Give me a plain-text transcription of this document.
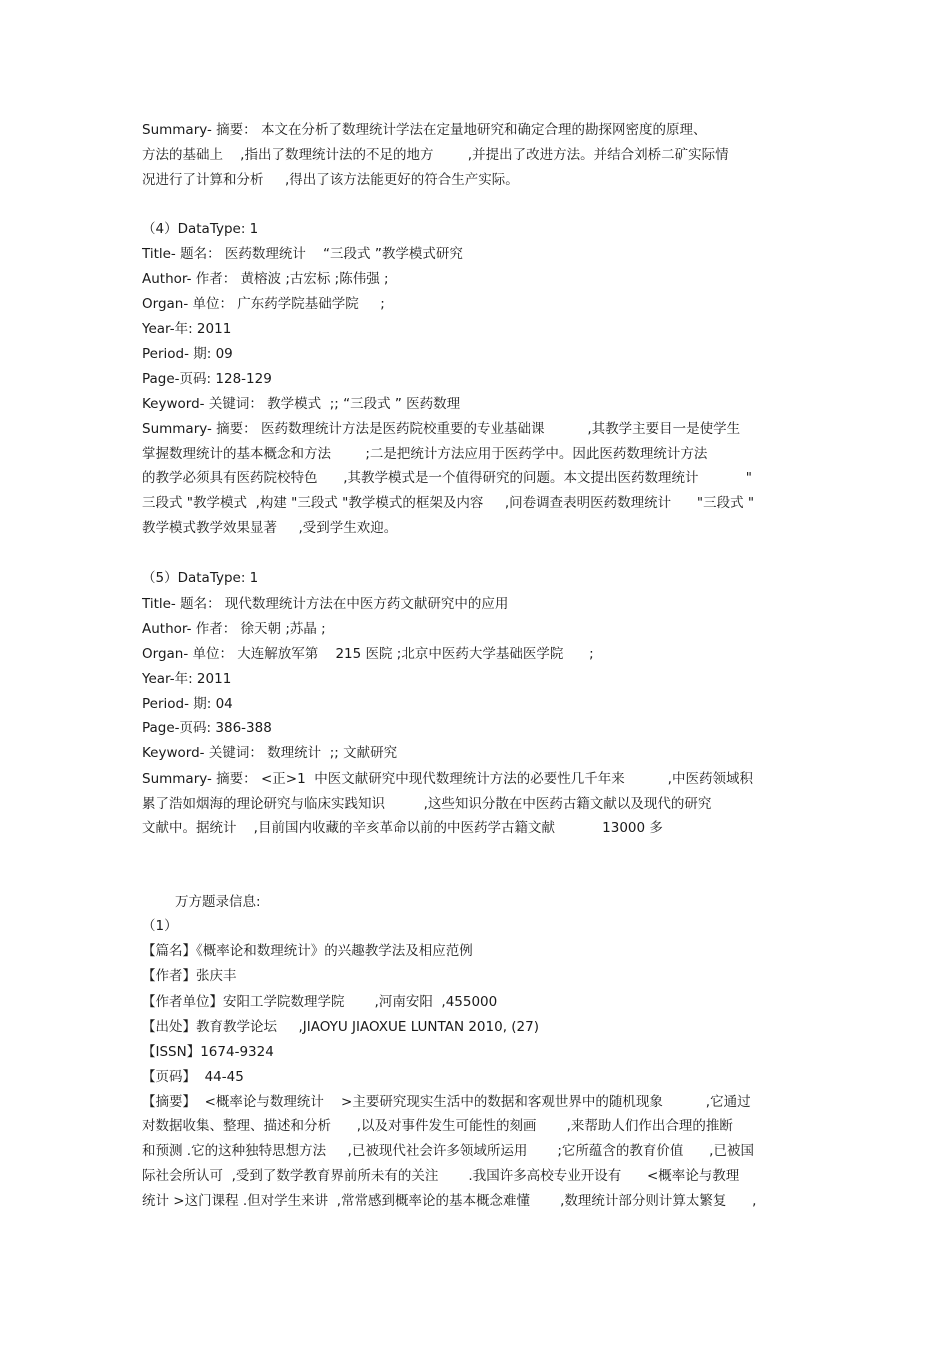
Summary- 摘要： 本文在分析了数理统计学法在定量地研究和确定合理的勘探网密度的原理、
方法的基础上    ,指出了数理统计法的不足的地方        ,并提出了改进方法。并结合刘桥二矿实际情
况进行了计算和分析     ,得出了该方法能更好的符合生产实际。
（4）DataType: 1
Title- 题名： 医药数理统计    “三段式 ”教学模式研究
Author- 作者： 黄榕波 ;古宏标 ;陈伟强 ;
Organ- 单位： 广东药学院基础学院     ;
Year-年: 2011
Period- 期: 09
Page-页码: 128-129
Keyword- 关键词： 教学模式  ;; “三段式 ” 医药数理
Summary- 摘要： 医药数理统计方法是医药院校重要的专业基础课          ,其教学主要目一是使学生
掌握数理统计的基本概念和方法        ;二是把统计方法应用于医药学中。因此医药数理统计方法
的教学必须具有医药院校特色      ,其教学模式是一个值得研究的问题。本文提出医药数理统计           "
三段式 "教学模式  ,构建 "三段式 "教学模式的框架及内容     ,问卷调查表明医药数理统计      "三段式 "
教学模式教学效果显著     ,受到学生欢迎。
（5）DataType: 1
Title- 题名： 现代数理统计方法在中医方药文献研究中的应用
Author- 作者： 徐天朝 ;苏晶 ;
Organ- 单位： 大连解放军第    215 医院 ;北京中医药大学基础医学院      ;
Year-年: 2011
Period- 期: 04
Page-页码: 386-388
Keyword- 关键词： 数理统计  ;; 文献研究
Summary- 摘要： <正>1  中医文献研究中现代数理统计方法的必要性几千年来          ,中医药领域积
累了浩如烟海的理论研究与临床实践知识         ,这些知识分散在中医药古籍文献以及现代的研究
文献中。据统计    ,目前国内收藏的辛亥革命以前的中医药学古籍文献           13000 多
万方题录信息:
（1）
【篇名】《概率论和数理统计》的兴趣教学法及相应范例
【作者】张庆丰
【作者单位】安阳工学院数理学院       ,河南安阳  ,455000
【出处】教育教学论坛     ,JIAOYU JIAOXUE LUNTAN 2010, (27)
【ISSN】1674-9324
【页码】  44-45
【摘要】  <概率论与数理统计    >主要研究现实生活中的数据和客观世界中的随机现象          ,它通过
对数据收集、整理、描述和分析      ,以及对事件发生可能性的刻画       ,来帮助人们作出合理的推断
和预测 .它的这种独特思想方法     ,已被现代社会许多领域所运用       ;它所蕴含的教育价值      ,已被国
际社会所认可  ,受到了数学教育界前所未有的关注       .我国许多高校专业开设有      <概率论与教理
统计 >这门课程 .但对学生来讲  ,常常感到概率论的基本概念难懂       ,数理统计部分则计算太繁复      ,
